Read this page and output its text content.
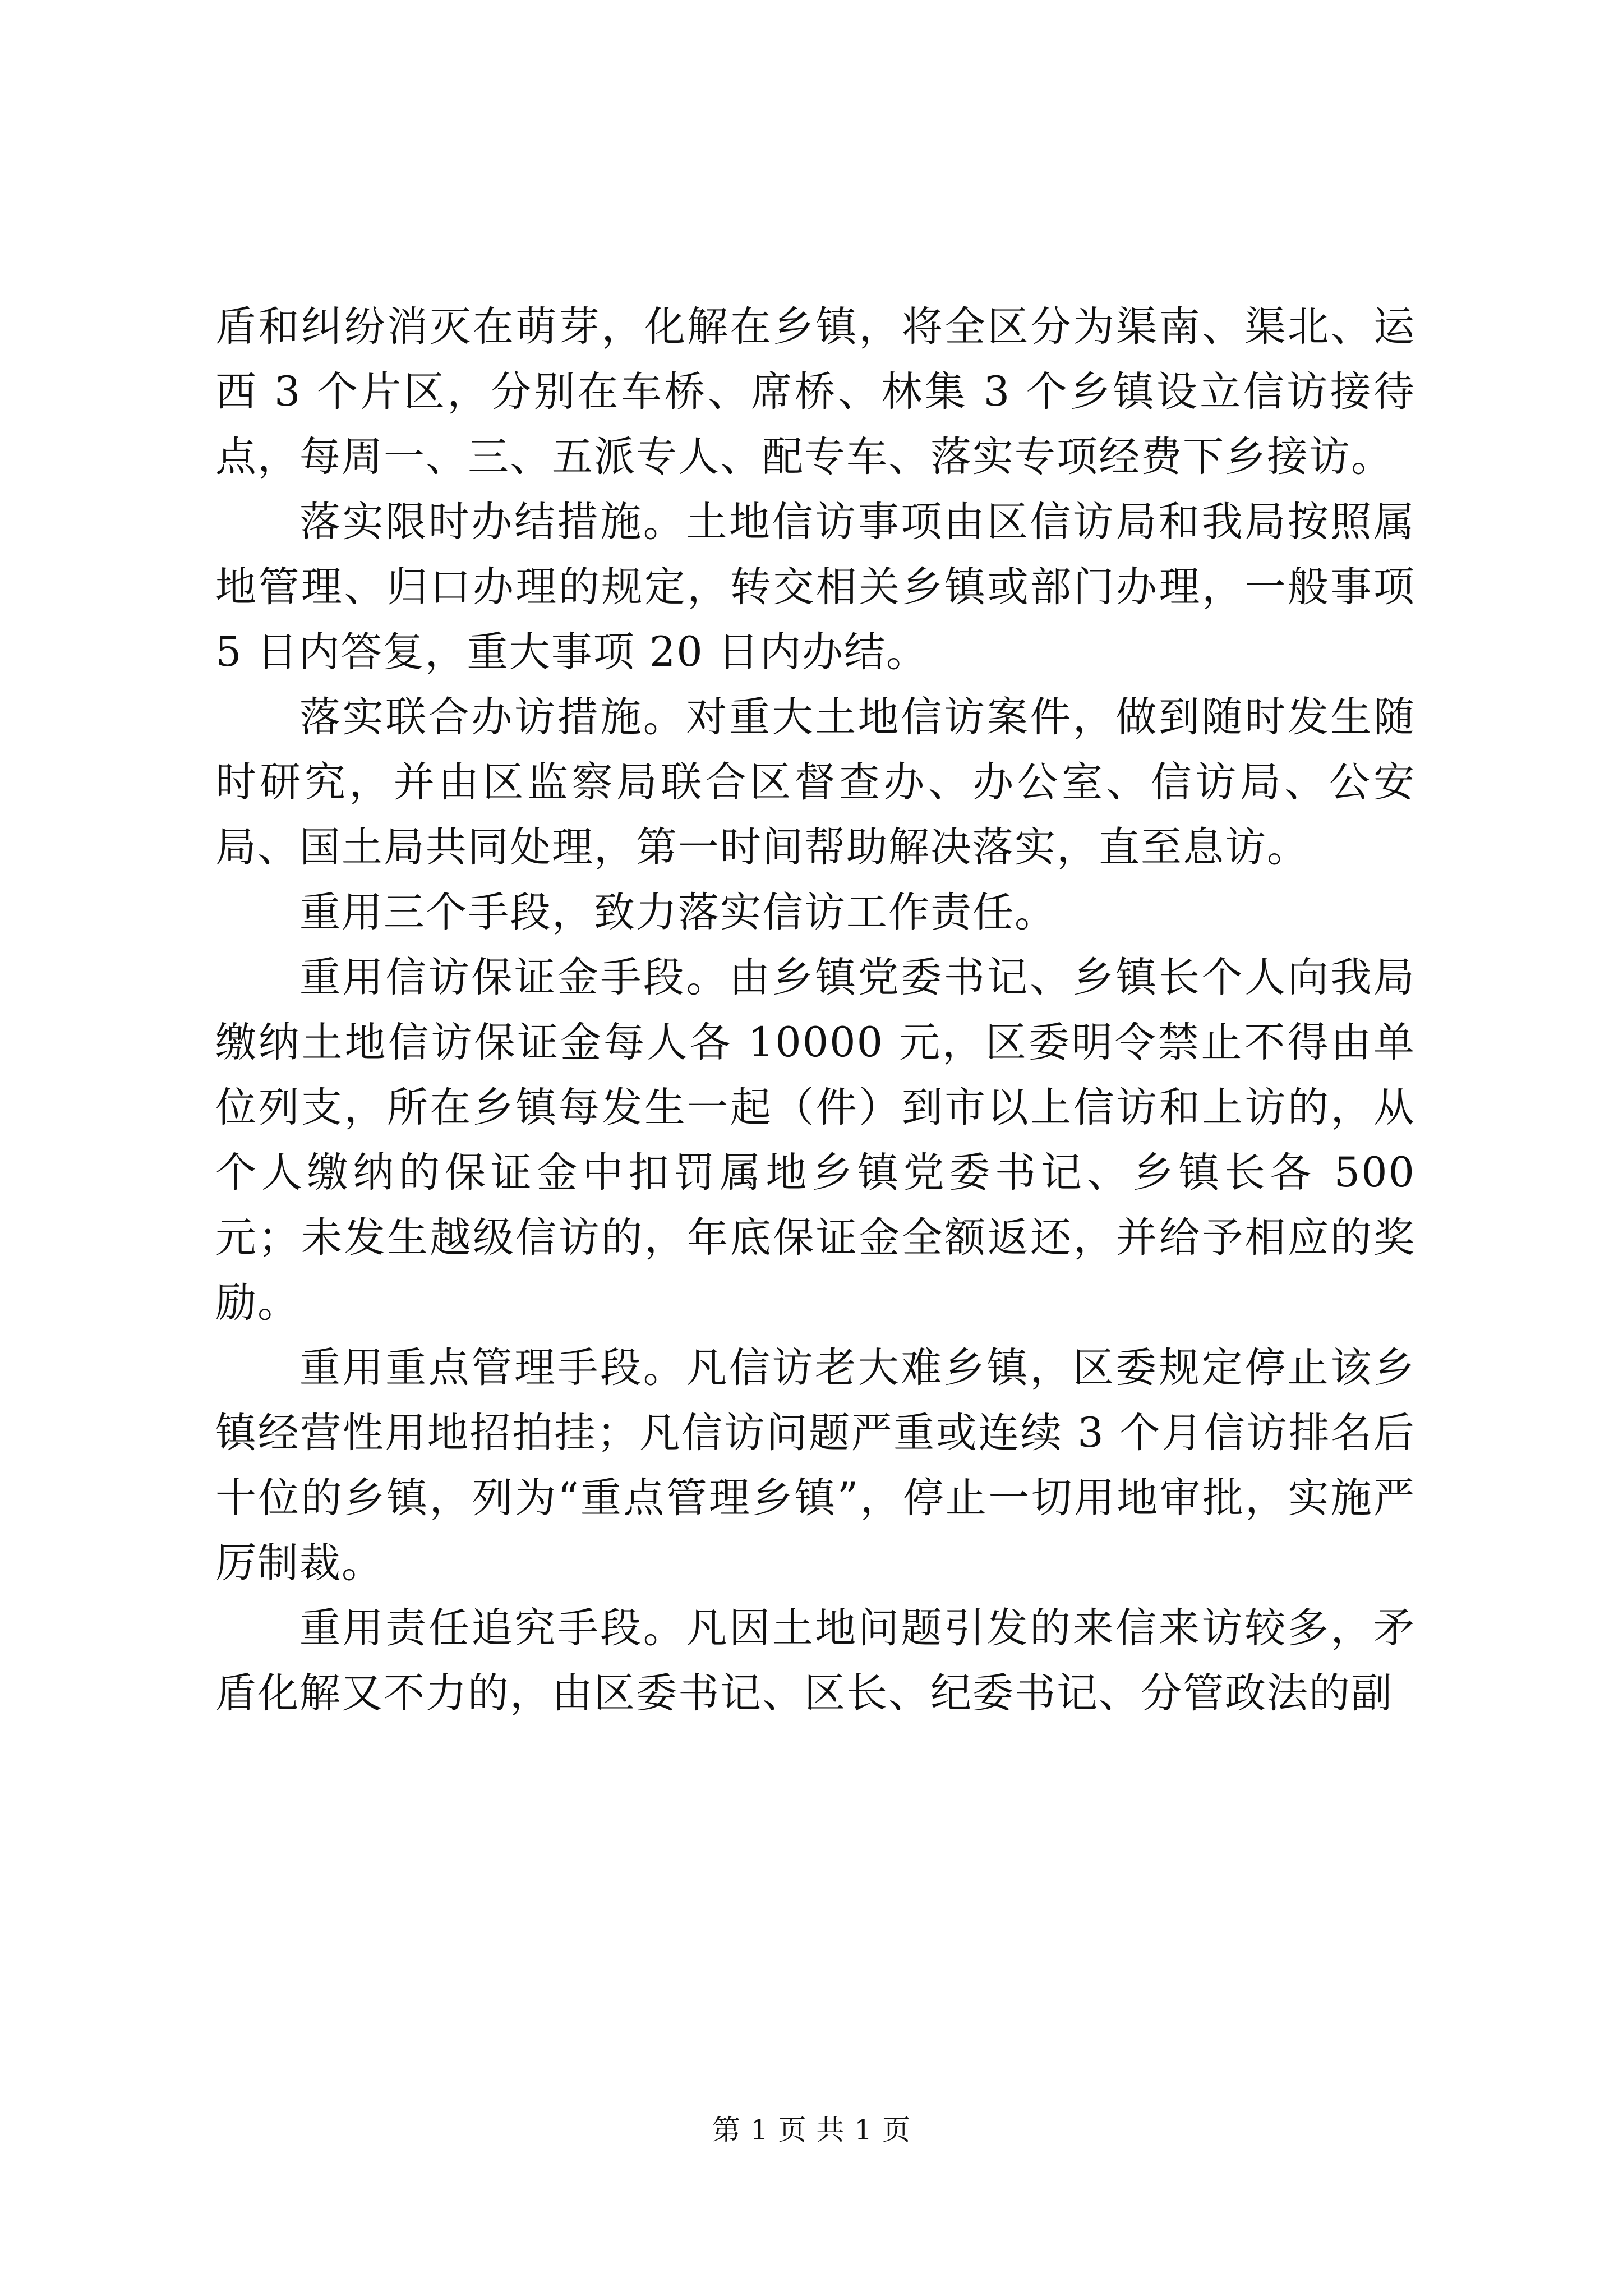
盾和纠纷消灭在萌芽，化解在乡镇，将全区分为渠南、渠北、运西 3 个片区，分别在车桥、席桥、林集 3 个乡镇设立信访接待点，每周一、三、五派专人、配专车、落实专项经费下乡接访。

落实限时办结措施。土地信访事项由区信访局和我局按照属地管理、归口办理的规定，转交相关乡镇或部门办理，一般事项 5 日内答复，重大事项 20 日内办结。

落实联合办访措施。对重大土地信访案件，做到随时发生随时研究，并由区监察局联合区督查办、办公室、信访局、公安局、国土局共同处理，第一时间帮助解决落实，直至息访。

重用三个手段，致力落实信访工作责任。

重用信访保证金手段。由乡镇党委书记、乡镇长个人向我局缴纳土地信访保证金每人各 10000 元，区委明令禁止不得由单位列支，所在乡镇每发生一起（件）到市以上信访和上访的，从个人缴纳的保证金中扣罚属地乡镇党委书记、乡镇长各 500 元；未发生越级信访的，年底保证金全额返还，并给予相应的奖励。

重用重点管理手段。凡信访老大难乡镇，区委规定停止该乡镇经营性用地招拍挂；凡信访问题严重或连续 3 个月信访排名后十位的乡镇，列为“重点管理乡镇”，停止一切用地审批，实施严厉制裁。

重用责任追究手段。凡因土地问题引发的来信来访较多，矛盾化解又不力的，由区委书记、区长、纪委书记、分管政法的副

第 1 页 共 1 页
